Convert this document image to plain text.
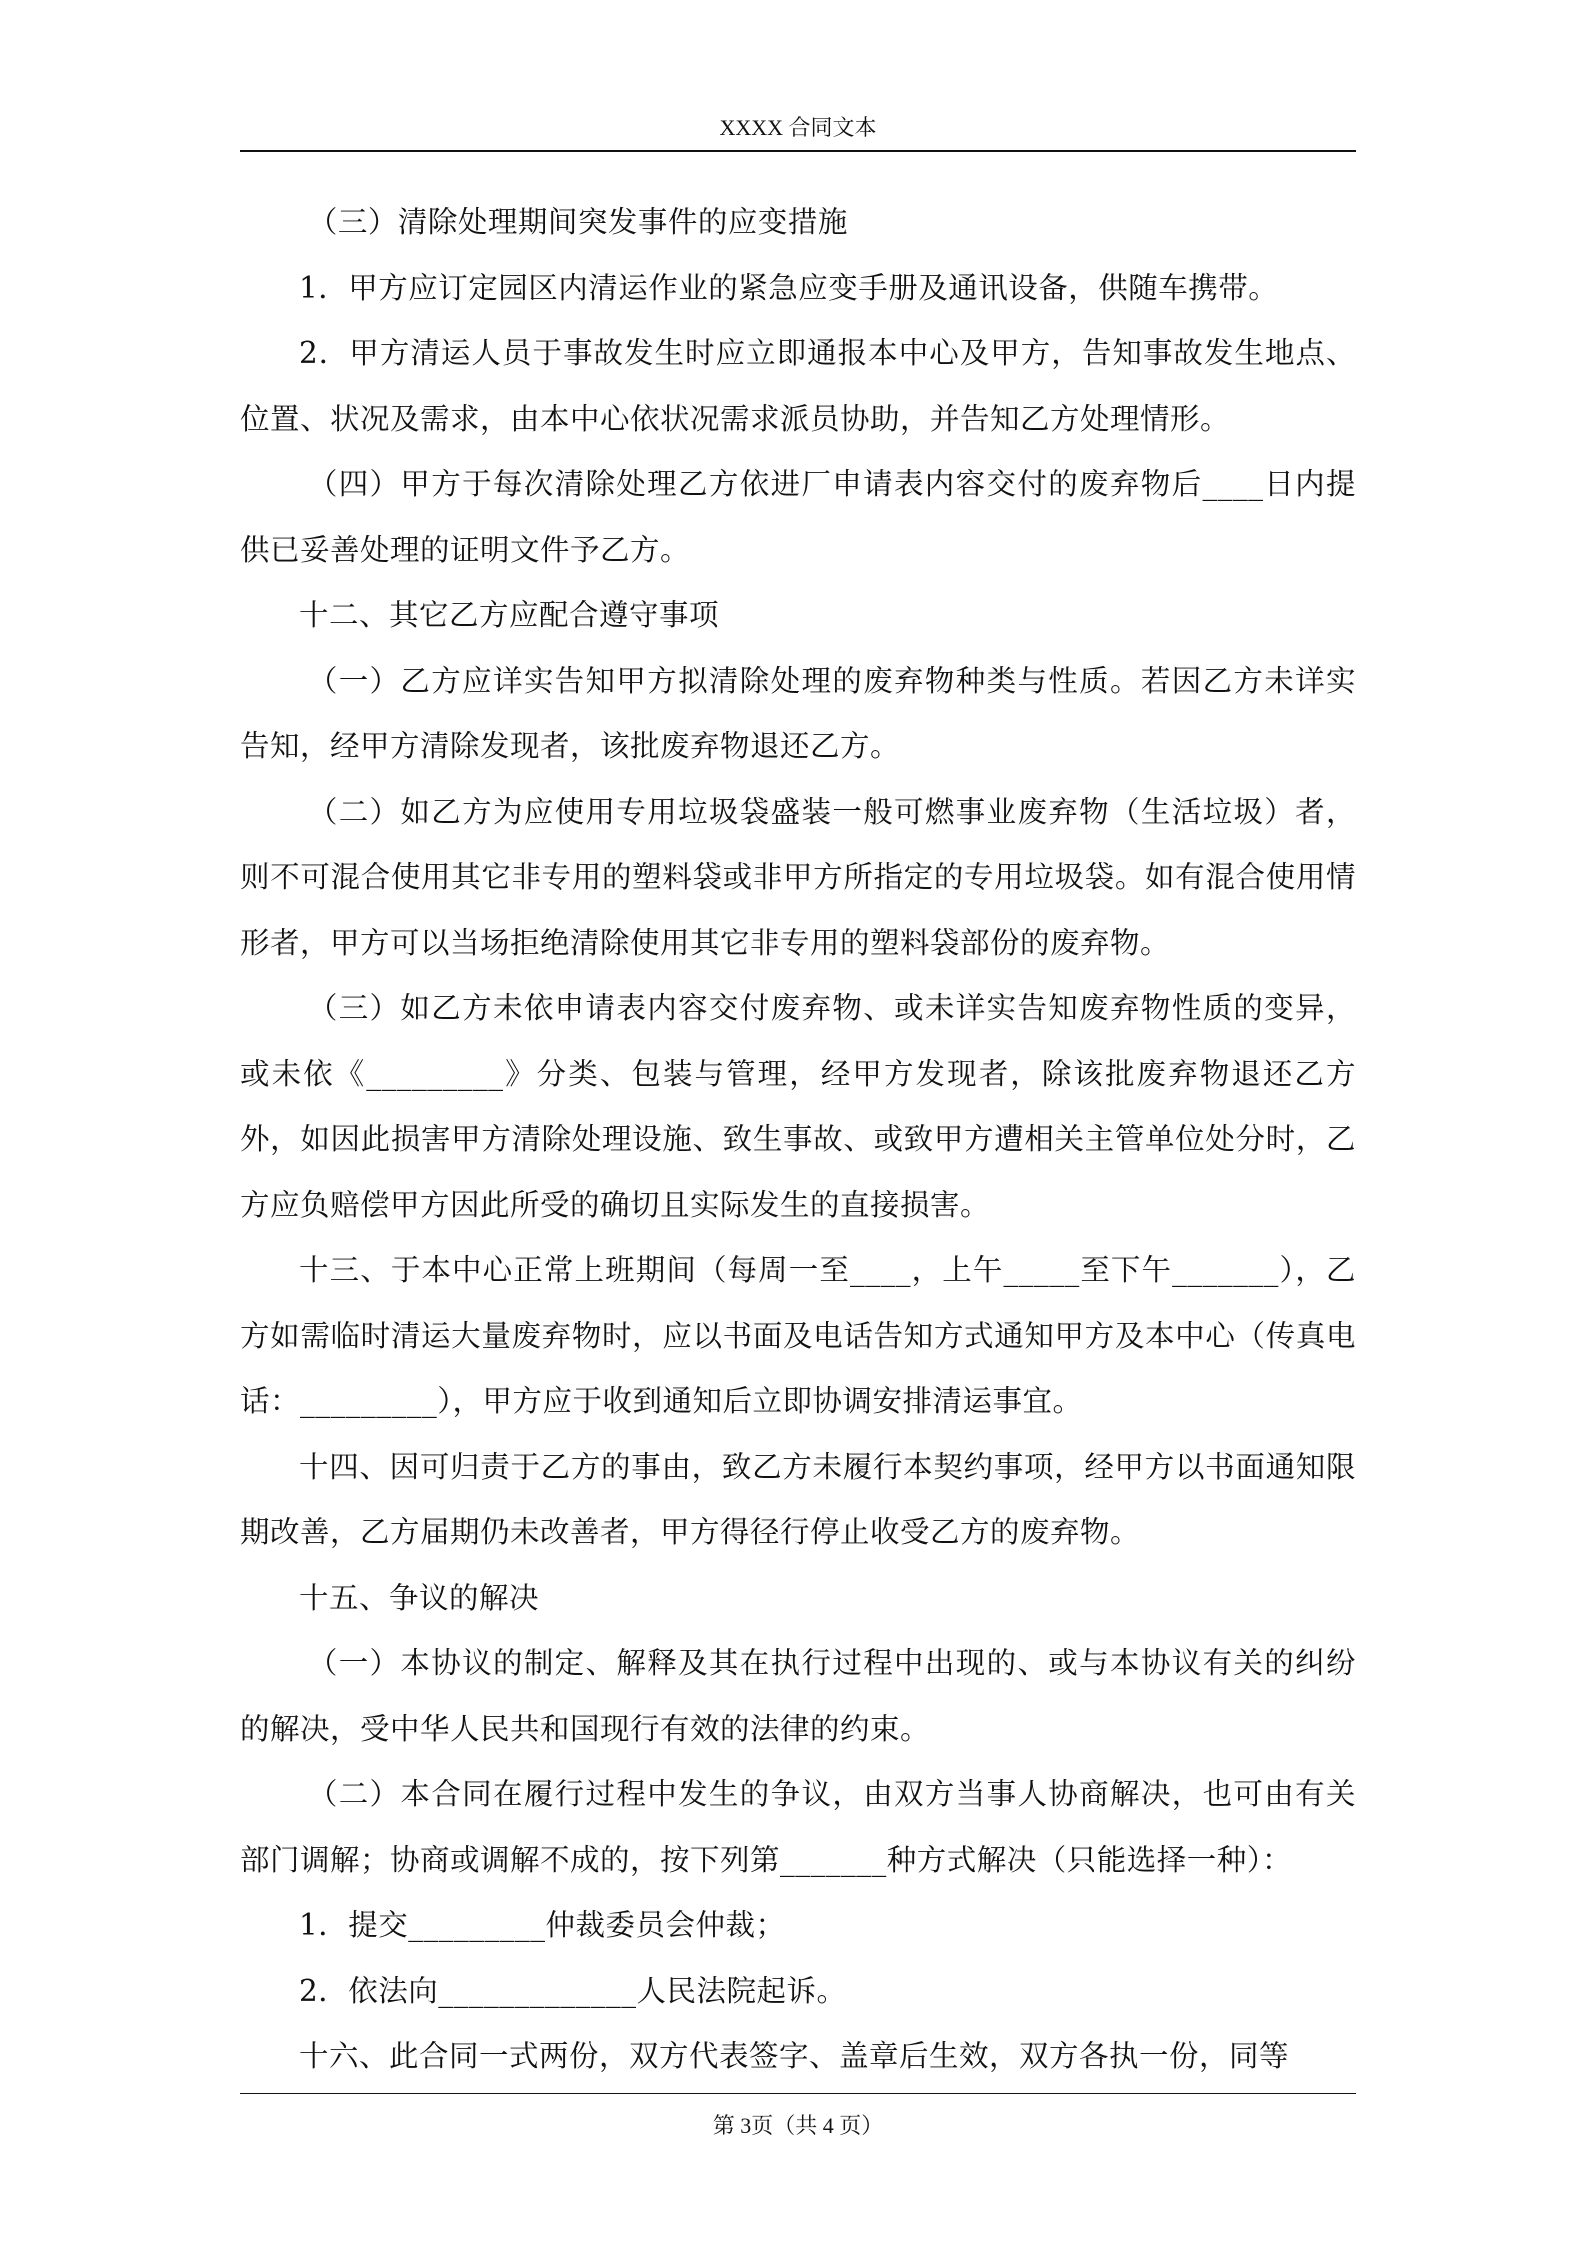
XXXX 合同文本

（三）清除处理期间突发事件的应变措施

1．甲方应订定园区内清运作业的紧急应变手册及通讯设备，供随车携带。

2．甲方清运人员于事故发生时应立即通报本中心及甲方，告知事故发生地点、位置、状况及需求，由本中心依状况需求派员协助，并告知乙方处理情形。

（四）甲方于每次清除处理乙方依进厂申请表内容交付的废弃物后____日内提供已妥善处理的证明文件予乙方。

十二、其它乙方应配合遵守事项

（一）乙方应详实告知甲方拟清除处理的废弃物种类与性质。若因乙方未详实告知，经甲方清除发现者，该批废弃物退还乙方。

（二）如乙方为应使用专用垃圾袋盛装一般可燃事业废弃物（生活垃圾）者，则不可混合使用其它非专用的塑料袋或非甲方所指定的专用垃圾袋。如有混合使用情形者，甲方可以当场拒绝清除使用其它非专用的塑料袋部份的废弃物。

（三）如乙方未依申请表内容交付废弃物、或未详实告知废弃物性质的变异，或未依《_________》分类、包装与管理，经甲方发现者，除该批废弃物退还乙方外，如因此损害甲方清除处理设施、致生事故、或致甲方遭相关主管单位处分时，乙方应负赔偿甲方因此所受的确切且实际发生的直接损害。

十三、于本中心正常上班期间（每周一至____，上午_____至下午_______），乙方如需临时清运大量废弃物时，应以书面及电话告知方式通知甲方及本中心（传真电话：_________），甲方应于收到通知后立即协调安排清运事宜。

十四、因可归责于乙方的事由，致乙方未履行本契约事项，经甲方以书面通知限期改善，乙方届期仍未改善者，甲方得径行停止收受乙方的废弃物。

十五、争议的解决

（一）本协议的制定、解释及其在执行过程中出现的、或与本协议有关的纠纷的解决，受中华人民共和国现行有效的法律的约束。

（二）本合同在履行过程中发生的争议，由双方当事人协商解决，也可由有关部门调解；协商或调解不成的，按下列第_______种方式解决（只能选择一种）：

1．提交_________仲裁委员会仲裁；

2．依法向_____________人民法院起诉。

十六、此合同一式两份，双方代表签字、盖章后生效，双方各执一份，同等

第 3页（共 4 页）
